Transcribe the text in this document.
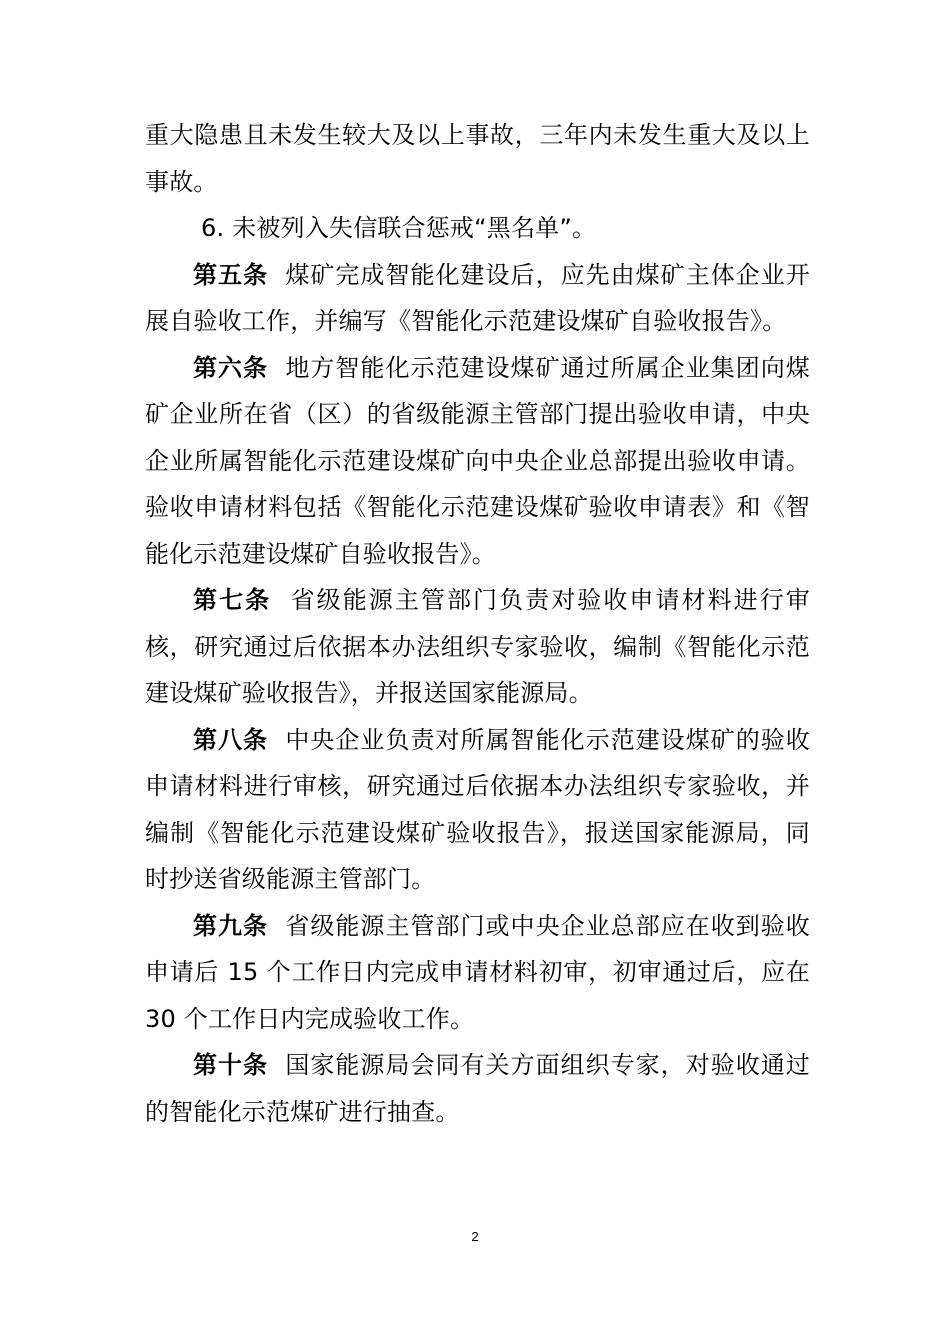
重大隐患且未发生较大及以上事故，三年内未发生重大及以上事故。

6. 未被列入失信联合惩戒“黑名单”。

第五条 煤矿完成智能化建设后，应先由煤矿主体企业开展自验收工作，并编写《智能化示范建设煤矿自验收报告》。

第六条 地方智能化示范建设煤矿通过所属企业集团向煤矿企业所在省（区）的省级能源主管部门提出验收申请，中央企业所属智能化示范建设煤矿向中央企业总部提出验收申请。验收申请材料包括《智能化示范建设煤矿验收申请表》和《智能化示范建设煤矿自验收报告》。

第七条 省级能源主管部门负责对验收申请材料进行审核，研究通过后依据本办法组织专家验收，编制《智能化示范建设煤矿验收报告》，并报送国家能源局。

第八条 中央企业负责对所属智能化示范建设煤矿的验收申请材料进行审核，研究通过后依据本办法组织专家验收，并编制《智能化示范建设煤矿验收报告》，报送国家能源局，同时抄送省级能源主管部门。

第九条 省级能源主管部门或中央企业总部应在收到验收申请后 15 个工作日内完成申请材料初审，初审通过后，应在 30 个工作日内完成验收工作。

第十条 国家能源局会同有关方面组织专家，对验收通过的智能化示范煤矿进行抽查。

2
